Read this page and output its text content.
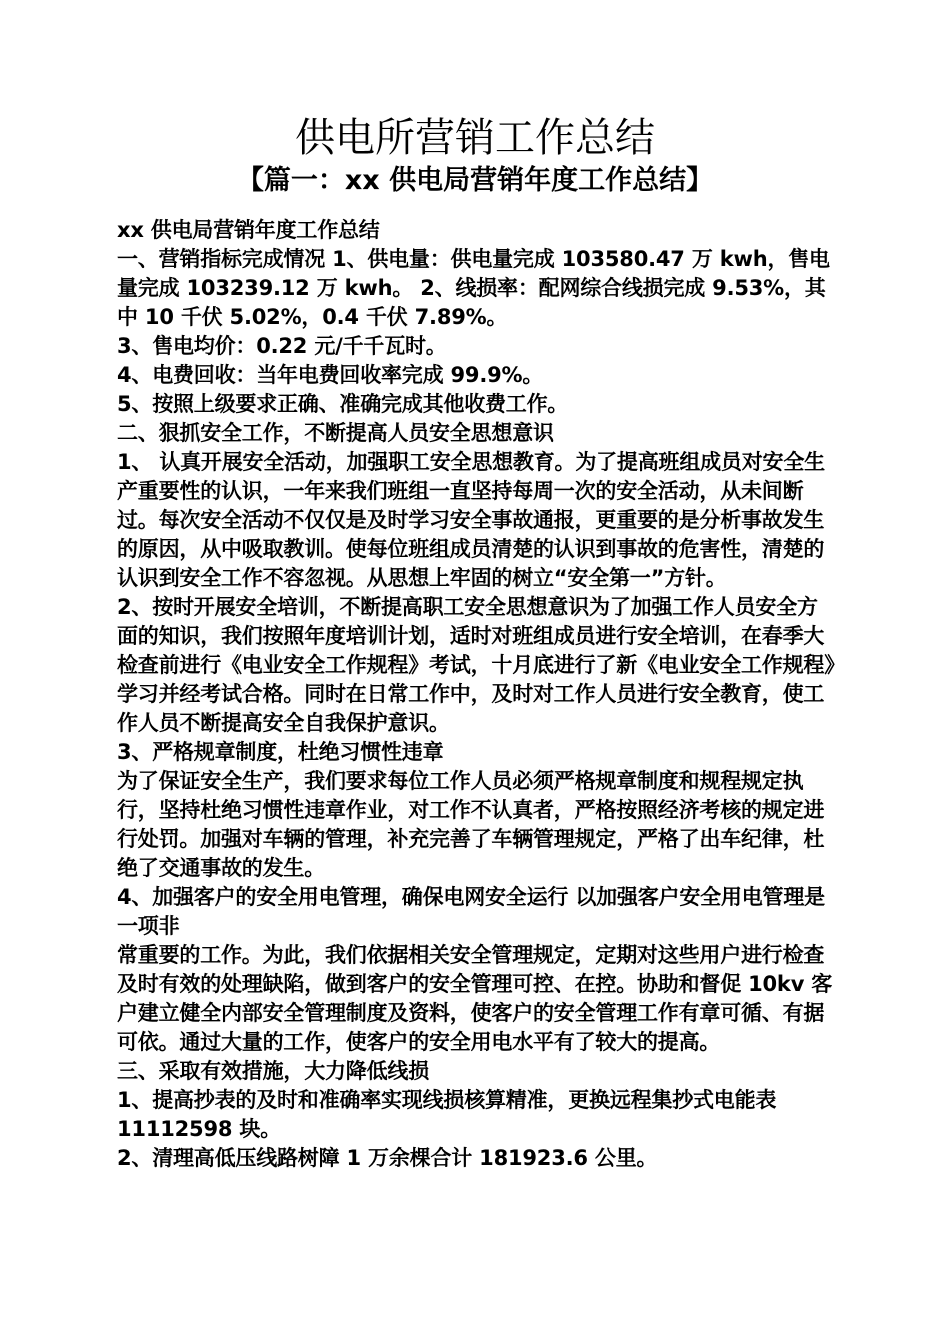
供电所营销工作总结
【篇一：xx 供电局营销年度工作总结】

xx 供电局营销年度工作总结

一、营销指标完成情况 1、供电量：供电量完成 103580.47 万 kwh，售电量完成 103239.12 万 kwh。 2、线损率：配网综合线损完成 9.53%，其中 10 千伏 5.02%，0.4 千伏 7.89%。

3、售电均价：0.22 元/千千瓦时。

4、电费回收：当年电费回收率完成 99.9%。

5、按照上级要求正确、准确完成其他收费工作。

二、狠抓安全工作，不断提高人员安全思想意识

1、 认真开展安全活动，加强职工安全思想教育。为了提高班组成员对安全生产重要性的认识，一年来我们班组一直坚持每周一次的安全活动，从未间断过。每次安全活动不仅仅是及时学习安全事故通报，更重要的是分析事故发生的原因，从中吸取教训。使每位班组成员清楚的认识到事故的危害性，清楚的认识到安全工作不容忽视。从思想上牢固的树立“安全第一”方针。

2、按时开展安全培训，不断提高职工安全思想意识为了加强工作人员安全方面的知识，我们按照年度培训计划，适时对班组成员进行安全培训，在春季大检查前进行《电业安全工作规程》考试，十月底进行了新《电业安全工作规程》学习并经考试合格。同时在日常工作中，及时对工作人员进行安全教育，使工作人员不断提高安全自我保护意识。

3、严格规章制度，杜绝习惯性违章

为了保证安全生产，我们要求每位工作人员必须严格规章制度和规程规定执行，坚持杜绝习惯性违章作业，对工作不认真者，严格按照经济考核的规定进行处罚。加强对车辆的管理，补充完善了车辆管理规定，严格了出车纪律，杜绝了交通事故的发生。

4、加强客户的安全用电管理，确保电网安全运行 以加强客户安全用电管理是一项非

常重要的工作。为此，我们依据相关安全管理规定，定期对这些用户进行检查及时有效的处理缺陷，做到客户的安全管理可控、在控。协助和督促 10kv 客户建立健全内部安全管理制度及资料，使客户的安全管理工作有章可循、有据可依。通过大量的工作，使客户的安全用电水平有了较大的提高。

三、采取有效措施，大力降低线损

1、提高抄表的及时和准确率实现线损核算精准，更换远程集抄式电能表 11112598 块。

2、清理高低压线路树障 1 万余棵合计 181923.6 公里。
